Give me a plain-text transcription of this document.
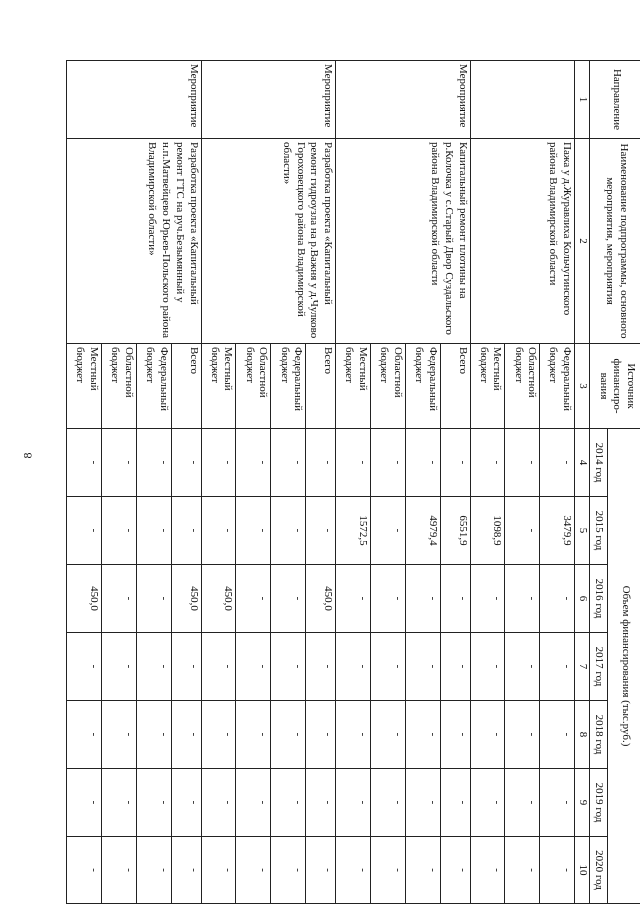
8
Направление	Наименование подпрограммы, основного мероприятия, мероприятия	Источник финансиро-вания	Объем финансирования (тыс.руб.)						
			2014 год	2015 год	2016 год	2017 год	2018 год	2019 год	2020 год
1	2	3	4	5	6	7	8	9	10
	Пажа у д.Журавлиха Кольчугинского района Владимирской области	Федеральный бюджет	-	3479,9	-	-	-	-	-
		Областной бюджет	-	-	-	-	-	-	-
		Местный бюджет	-	1098,9	-	-	-	-	-
Мероприятие	Капитальный ремонт плотины на р.Колочка у с.Старый Двор Суздальского района Владимирской области	Всего	-	6551,9	-	-	-	-	-
		Федеральный бюджет	-	4979,4	-	-	-	-	-
		Областной бюджет	-	-	-	-	-	-	-
		Местный бюджет	-	1572,5	-	-	-	-	-
Мероприятие	Разработка проекта «Капитальный ремонт гидроузла на р.Важня у д.Чулково Гороховецкого района Владимирской области»	Всего	-	-	450,0	-	-	-	-
		Федеральный бюджет	-	-	-	-	-	-	-
		Областной бюджет	-	-	-	-	-	-	-
		Местный бюджет	-	-	450,0	-	-	-	-
Мероприятие	Разработка проекта «Капитальный ремонт ГТС на руч.Безымянный у н.п.Матвейцево Юрьев-Польского района Владимирской области»	Всего	-	-	450,0	-	-	-	-
		Федеральный бюджет	-	-	-	-	-	-	-
		Областной бюджет	-	-	-	-	-	-	-
		Местный бюджет	-	-	450,0	-	-	-	-
